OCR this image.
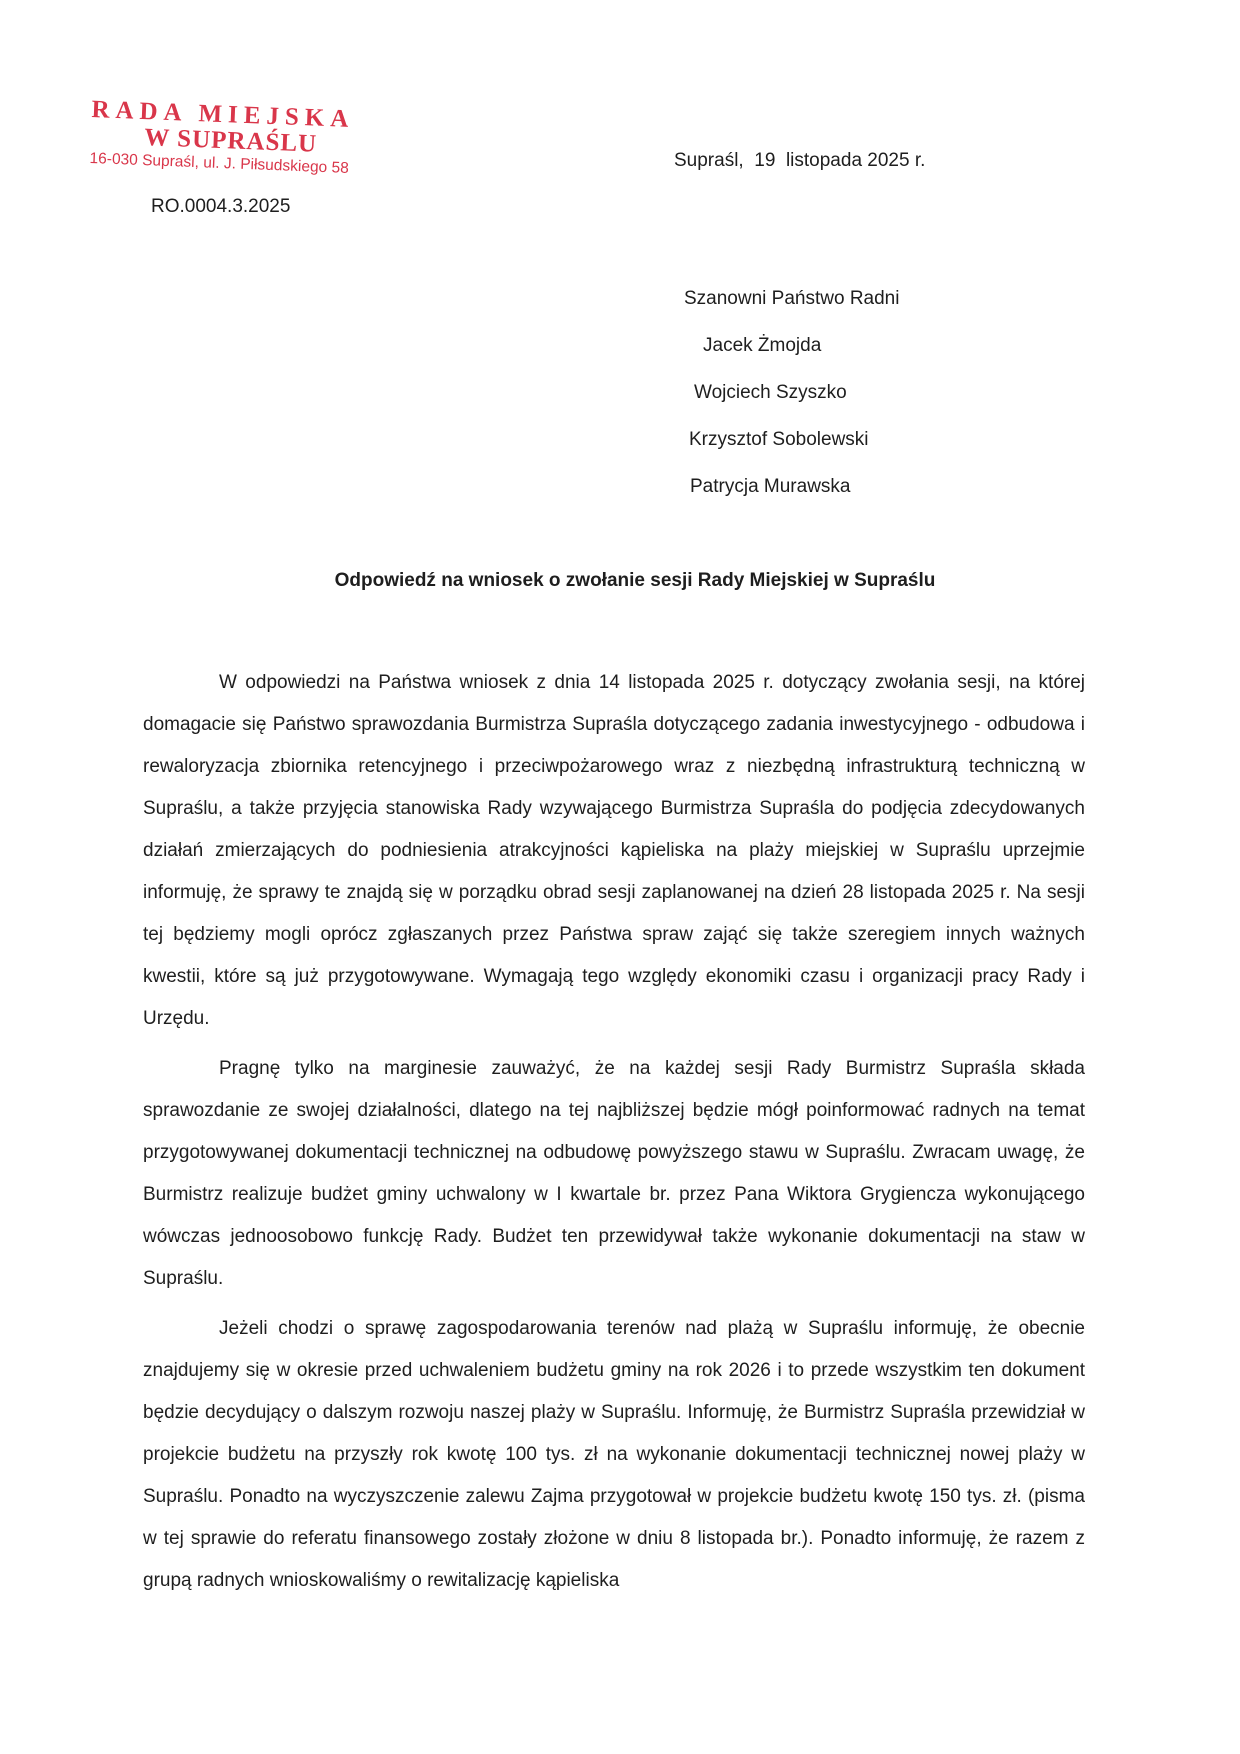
RADA MIEJSKA
W SUPRAŚLU
16-030 Supraśl, ul. J. Piłsudskiego 58
RO.0004.3.2025
Supraśl,  19  listopada 2025 r.
Szanowni Państwo Radni
Jacek Żmojda
Wojciech Szyszko
Krzysztof Sobolewski
Patrycja Murawska
Odpowiedź na wniosek o zwołanie sesji Rady Miejskiej w Supraślu

W odpowiedzi na Państwa wniosek z dnia 14 listopada 2025 r. dotyczący zwołania sesji, na której domagacie się Państwo sprawozdania Burmistrza Supraśla dotyczącego zadania inwestycyjnego - odbudowa i rewaloryzacja zbiornika retencyjnego i przeciwpożarowego wraz z niezbędną infrastrukturą techniczną w Supraślu, a także przyjęcia stanowiska Rady wzywającego Burmistrza Supraśla do podjęcia zdecydowanych działań zmierzających do podniesienia atrakcyjności kąpieliska na plaży miejskiej w Supraślu uprzejmie informuję, że sprawy te znajdą się w porządku obrad sesji zaplanowanej na dzień 28 listopada 2025 r. Na sesji tej będziemy mogli oprócz zgłaszanych przez Państwa spraw zająć się także szeregiem innych ważnych kwestii, które są już przygotowywane. Wymagają tego względy ekonomiki czasu i organizacji pracy Rady i Urzędu.

Pragnę tylko na marginesie zauważyć, że na każdej sesji Rady Burmistrz Supraśla składa sprawozdanie ze swojej działalności, dlatego na tej najbliższej będzie mógł poinformować radnych na temat przygotowywanej dokumentacji technicznej na odbudowę powyższego stawu w Supraślu. Zwracam uwagę, że Burmistrz realizuje budżet gminy uchwalony w I kwartale br. przez Pana Wiktora Grygiencza wykonującego wówczas jednoosobowo funkcję Rady. Budżet ten przewidywał także wykonanie dokumentacji na staw w Supraślu.

Jeżeli chodzi o sprawę zagospodarowania terenów nad plażą w Supraślu informuję, że obecnie znajdujemy się w okresie przed uchwaleniem budżetu gminy na rok 2026 i to przede wszystkim ten dokument będzie decydujący o dalszym rozwoju naszej plaży w Supraślu. Informuję, że Burmistrz Supraśla przewidział w projekcie budżetu na przyszły rok kwotę 100 tys. zł na wykonanie dokumentacji technicznej nowej plaży w Supraślu. Ponadto na wyczyszczenie zalewu Zajma przygotował w projekcie budżetu kwotę 150 tys. zł. (pisma w tej sprawie do referatu finansowego zostały złożone w dniu 8 listopada br.). Ponadto informuję, że razem z grupą radnych wnioskowaliśmy o rewitalizację kąpieliska
